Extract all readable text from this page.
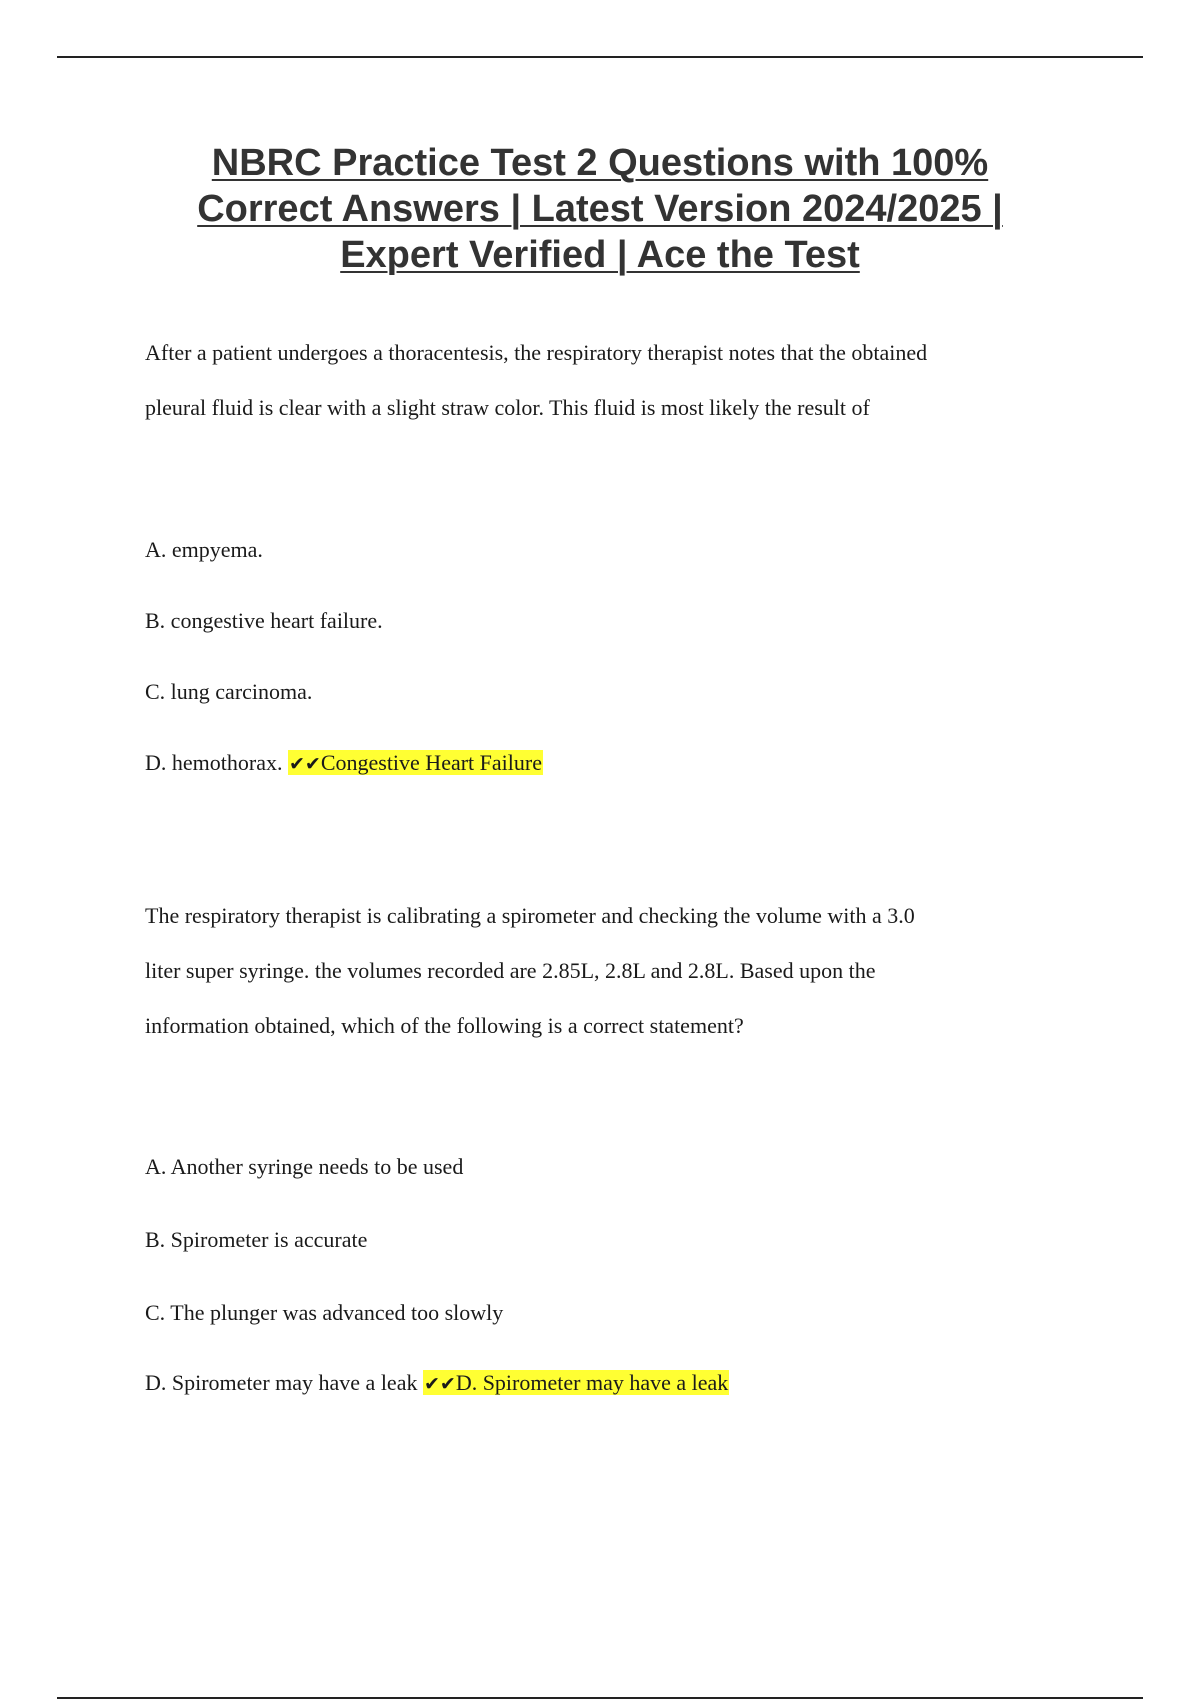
NBRC Practice Test 2 Questions with 100%
Correct Answers | Latest Version 2024/2025 |
Expert Verified | Ace the Test
After a patient undergoes a thoracentesis, the respiratory therapist notes that the obtained
pleural fluid is clear with a slight straw color. This fluid is most likely the result of
A. empyema.
B. congestive heart failure.
C. lung carcinoma.
D. hemothorax. ✔✔Congestive Heart Failure
The respiratory therapist is calibrating a spirometer and checking the volume with a 3.0
liter super syringe. the volumes recorded are 2.85L, 2.8L and 2.8L. Based upon the
information obtained, which of the following is a correct statement?
A. Another syringe needs to be used
B. Spirometer is accurate
C. The plunger was advanced too slowly
D. Spirometer may have a leak ✔✔D. Spirometer may have a leak
